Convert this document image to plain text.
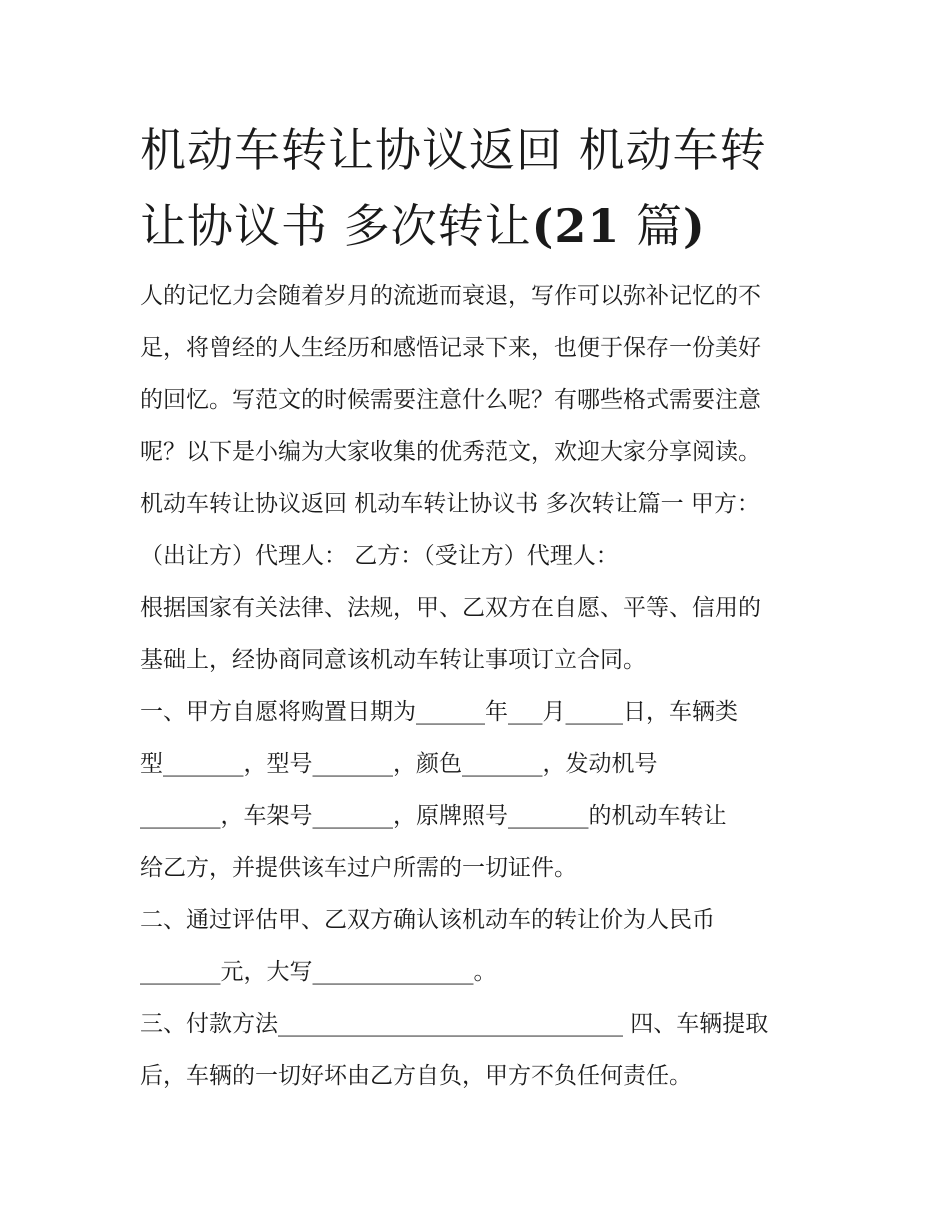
机动车转让协议返回 机动车转
让协议书 多次转让(21 篇)

人的记忆力会随着岁月的流逝而衰退，写作可以弥补记忆的不

足，将曾经的人生经历和感悟记录下来，也便于保存一份美好

的回忆。写范文的时候需要注意什么呢？有哪些格式需要注意

呢？以下是小编为大家收集的优秀范文，欢迎大家分享阅读。

机动车转让协议返回 机动车转让协议书 多次转让篇一 甲方：

（出让方）代理人： 乙方：（受让方）代理人：

根据国家有关法律、法规，甲、乙双方在自愿、平等、信用的

基础上，经协商同意该机动车转让事项订立合同。

一、甲方自愿将购置日期为______年___月_____日，车辆类

型_______，型号_______，颜色_______，发动机号

_______，车架号_______，原牌照号_______的机动车转让

给乙方，并提供该车过户所需的一切证件。

二、通过评估甲、乙双方确认该机动车的转让价为人民币

_______元，大写______________。

三、付款方法______________________________ 四、车辆提取

后，车辆的一切好坏由乙方自负，甲方不负任何责任。
